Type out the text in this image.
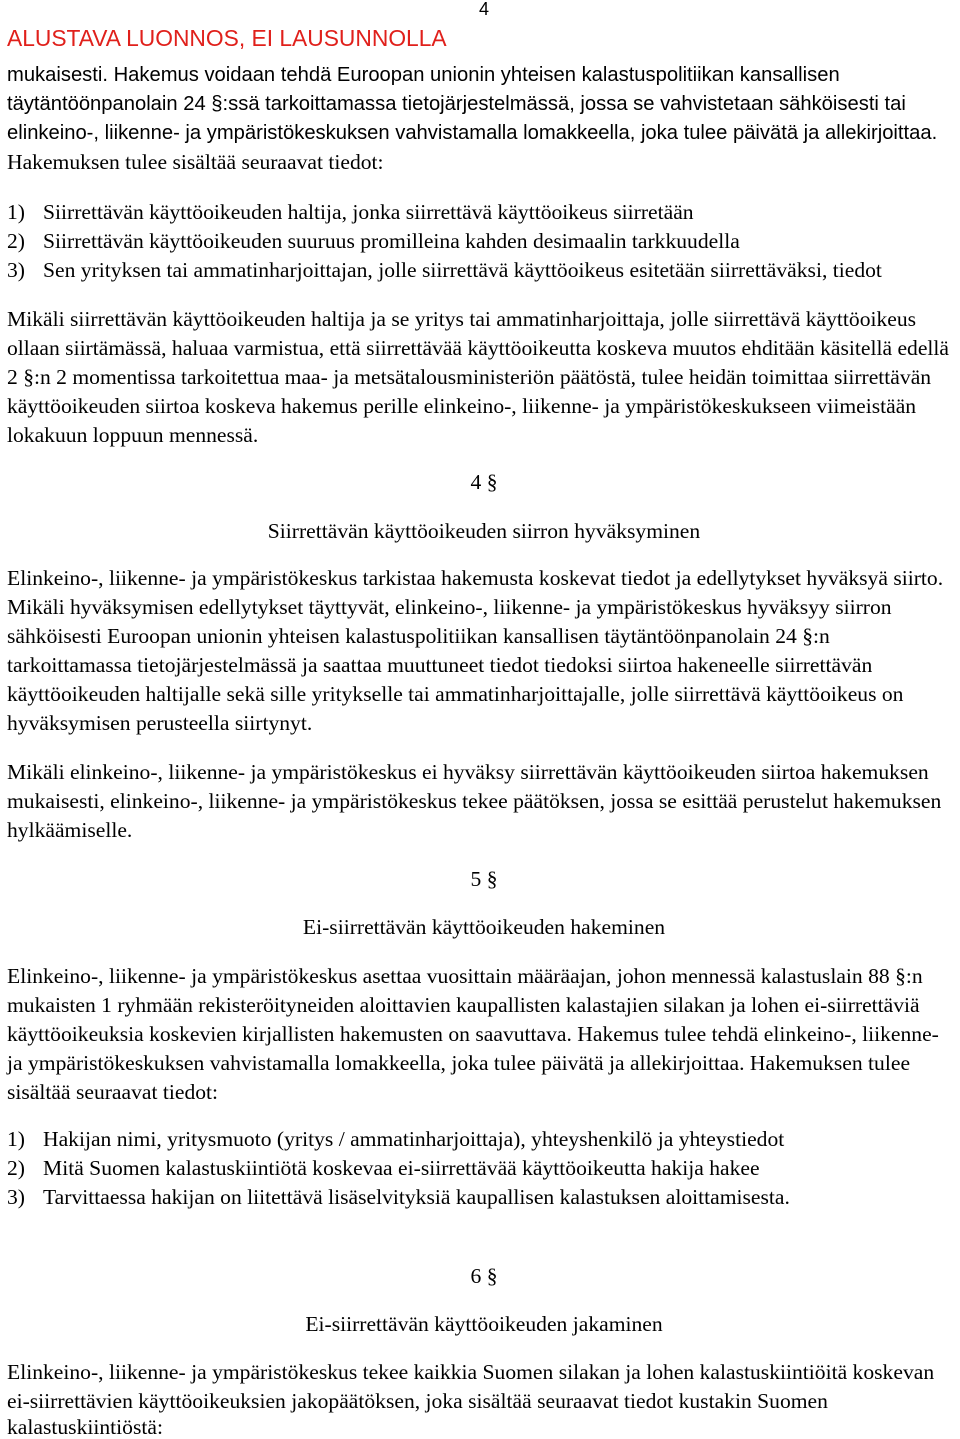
4
ALUSTAVA LUONNOS, EI LAUSUNNOLLA
mukaisesti. Hakemus voidaan tehdä Euroopan unionin yhteisen kalastuspolitiikan kansallisen
täytäntöönpanolain 24 §:ssä tarkoittamassa tietojärjestelmässä, jossa se vahvistetaan sähköisesti tai
elinkeino-, liikenne- ja ympäristökeskuksen vahvistamalla lomakkeella, joka tulee päivätä ja allekirjoittaa.
Hakemuksen tulee sisältää seuraavat tiedot:
1) Siirrettävän käyttöoikeuden haltija, jonka siirrettävä käyttöoikeus siirretään
2) Siirrettävän käyttöoikeuden suuruus promilleina kahden desimaalin tarkkuudella
3) Sen yrityksen tai ammatinharjoittajan, jolle siirrettävä käyttöoikeus esitetään siirrettäväksi, tiedot
Mikäli siirrettävän käyttöoikeuden haltija ja se yritys tai ammatinharjoittaja, jolle siirrettävä käyttöoikeus
ollaan siirtämässä, haluaa varmistua, että siirrettävää käyttöoikeutta koskeva muutos ehditään käsitellä edellä
2 §:n 2 momentissa tarkoitettua maa- ja metsätalousministeriön päätöstä, tulee heidän toimittaa siirrettävän
käyttöoikeuden siirtoa koskeva hakemus perille elinkeino-, liikenne- ja ympäristökeskukseen viimeistään
lokakuun loppuun mennessä.
4 §
Siirrettävän käyttöoikeuden siirron hyväksyminen
Elinkeino-, liikenne- ja ympäristökeskus tarkistaa hakemusta koskevat tiedot ja edellytykset hyväksyä siirto.
Mikäli hyväksymisen edellytykset täyttyvät, elinkeino-, liikenne- ja ympäristökeskus hyväksyy siirron
sähköisesti Euroopan unionin yhteisen kalastuspolitiikan kansallisen täytäntöönpanolain 24 §:n
tarkoittamassa tietojärjestelmässä ja saattaa muuttuneet tiedot tiedoksi siirtoa hakeneelle siirrettävän
käyttöoikeuden haltijalle sekä sille yritykselle tai ammatinharjoittajalle, jolle siirrettävä käyttöoikeus on
hyväksymisen perusteella siirtynyt.
Mikäli elinkeino-, liikenne- ja ympäristökeskus ei hyväksy siirrettävän käyttöoikeuden siirtoa hakemuksen
mukaisesti, elinkeino-, liikenne- ja ympäristökeskus tekee päätöksen, jossa se esittää perustelut hakemuksen
hylkäämiselle.
5 §
Ei-siirrettävän käyttöoikeuden hakeminen
Elinkeino-, liikenne- ja ympäristökeskus asettaa vuosittain määräajan, johon mennessä kalastuslain 88 §:n
mukaisten 1 ryhmään rekisteröityneiden aloittavien kaupallisten kalastajien silakan ja lohen ei-siirrettäviä
käyttöoikeuksia koskevien kirjallisten hakemusten on saavuttava. Hakemus tulee tehdä elinkeino-, liikenne-
ja ympäristökeskuksen vahvistamalla lomakkeella, joka tulee päivätä ja allekirjoittaa. Hakemuksen tulee
sisältää seuraavat tiedot:
1) Hakijan nimi, yritysmuoto (yritys / ammatinharjoittaja), yhteyshenkilö ja yhteystiedot
2) Mitä Suomen kalastuskiintiötä koskevaa ei-siirrettävää käyttöoikeutta hakija hakee
3) Tarvittaessa hakijan on liitettävä lisäselvityksiä kaupallisen kalastuksen aloittamisesta.
6 §
Ei-siirrettävän käyttöoikeuden jakaminen
Elinkeino-, liikenne- ja ympäristökeskus tekee kaikkia Suomen silakan ja lohen kalastuskiintiöitä koskevan
ei-siirrettävien käyttöoikeuksien jakopäätöksen, joka sisältää seuraavat tiedot kustakin Suomen
kalastuskiintiöstä:
